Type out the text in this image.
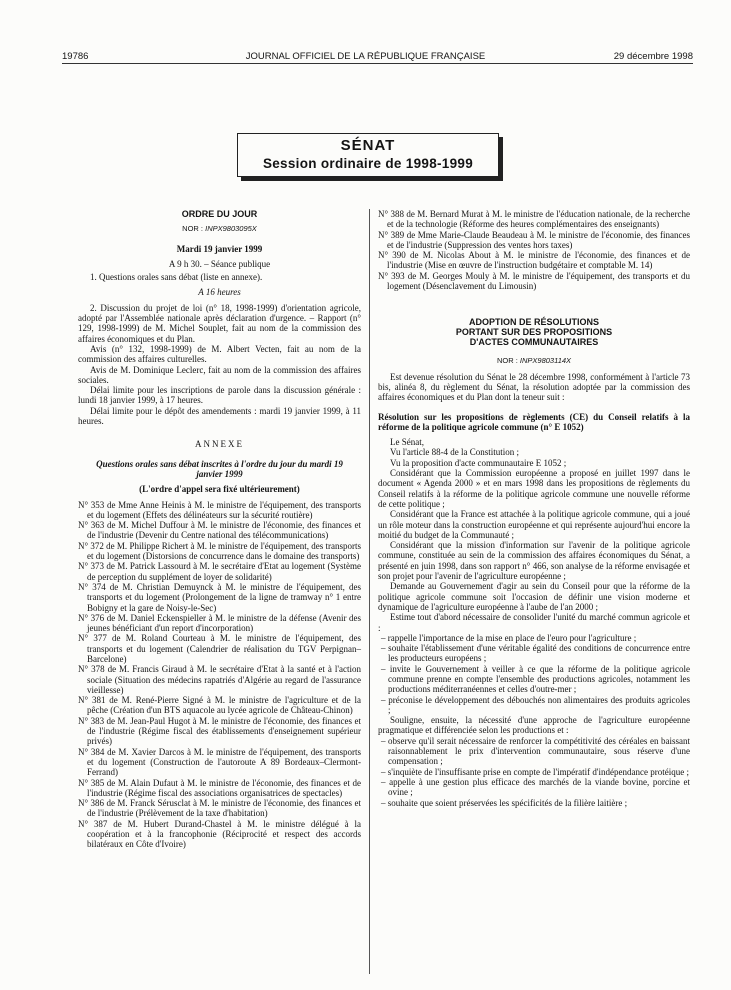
19786	JOURNAL OFFICIEL DE LA RÉPUBLIQUE FRANÇAISE	29 décembre 1998
SÉNAT
Session ordinaire de 1998-1999

ORDRE DU JOUR

NOR : INPX9803095X

Mardi 19 janvier 1999

A 9 h 30. – Séance publique

1. Questions orales sans débat (liste en annexe).

A 16 heures

2. Discussion du projet de loi (n° 18, 1998-1999) d'orientation agricole, adopté par l'Assemblée nationale après déclaration d'urgence. – Rapport (n° 129, 1998-1999) de M. Michel Souplet, fait au nom de la commission des affaires économiques et du Plan.

Avis (n° 132, 1998-1999) de M. Albert Vecten, fait au nom de la commission des affaires culturelles.

Avis de M. Dominique Leclerc, fait au nom de la commission des affaires sociales.

Délai limite pour les inscriptions de parole dans la discussion générale : lundi 18 janvier 1999, à 17 heures.

Délai limite pour le dépôt des amendements : mardi 19 janvier 1999, à 11 heures.

ANNEXE

Questions orales sans débat inscrites à l'ordre du jour du mardi 19 janvier 1999

(L'ordre d'appel sera fixé ultérieurement)

N° 353 de Mme Anne Heinis à M. le ministre de l'équipement, des transports et du logement (Effets des délinéateurs sur la sécurité routière)

N° 363 de M. Michel Duffour à M. le ministre de l'économie, des finances et de l'industrie (Devenir du Centre national des télécommunications)

N° 372 de M. Philippe Richert à M. le ministre de l'équipement, des transports et du logement (Distorsions de concurrence dans le domaine des transports)

N° 373 de M. Patrick Lassourd à M. le secrétaire d'Etat au logement (Système de perception du supplément de loyer de solidarité)

N° 374 de M. Christian Demuynck à M. le ministre de l'équipement, des transports et du logement (Prolongement de la ligne de tramway n° 1 entre Bobigny et la gare de Noisy-le-Sec)

N° 376 de M. Daniel Eckenspieller à M. le ministre de la défense (Avenir des jeunes bénéficiant d'un report d'incorporation)

N° 377 de M. Roland Courteau à M. le ministre de l'équipement, des transports et du logement (Calendrier de réalisation du TGV Perpignan–Barcelone)

N° 378 de M. Francis Giraud à M. le secrétaire d'Etat à la santé et à l'action sociale (Situation des médecins rapatriés d'Algérie au regard de l'assurance vieillesse)

N° 381 de M. René-Pierre Signé à M. le ministre de l'agriculture et de la pêche (Création d'un BTS aquacole au lycée agricole de Château-Chinon)

N° 383 de M. Jean-Paul Hugot à M. le ministre de l'économie, des finances et de l'industrie (Régime fiscal des établissements d'enseignement supérieur privés)

N° 384 de M. Xavier Darcos à M. le ministre de l'équipement, des transports et du logement (Construction de l'autoroute A 89 Bordeaux–Clermont-Ferrand)

N° 385 de M. Alain Dufaut à M. le ministre de l'économie, des finances et de l'industrie (Régime fiscal des associations organisatrices de spectacles)

N° 386 de M. Franck Sérusclat à M. le ministre de l'économie, des finances et de l'industrie (Prélèvement de la taxe d'habitation)

N° 387 de M. Hubert Durand-Chastel à M. le ministre délégué à la coopération et à la francophonie (Réciprocité et respect des accords bilatéraux en Côte d'Ivoire)

N° 388 de M. Bernard Murat à M. le ministre de l'éducation nationale, de la recherche et de la technologie (Réforme des heures complémentaires des enseignants)

N° 389 de Mme Marie-Claude Beaudeau à M. le ministre de l'économie, des finances et de l'industrie (Suppression des ventes hors taxes)

N° 390 de M. Nicolas About à M. le ministre de l'économie, des finances et de l'industrie (Mise en œuvre de l'instruction budgétaire et comptable M. 14)

N° 393 de M. Georges Mouly à M. le ministre de l'équipement, des transports et du logement (Désenclavement du Limousin)

ADOPTION DE RÉSOLUTIONS

PORTANT SUR DES PROPOSITIONS

D'ACTES COMMUNAUTAIRES

NOR : INPX9803114X

Est devenue résolution du Sénat le 28 décembre 1998, conformément à l'article 73 bis, alinéa 8, du règlement du Sénat, la résolution adoptée par la commission des affaires économiques et du Plan dont la teneur suit :

Résolution sur les propositions de règlements (CE) du Conseil relatifs à la réforme de la politique agricole commune (n° E 1052)

Le Sénat,

Vu l'article 88-4 de la Constitution ;

Vu la proposition d'acte communautaire E 1052 ;

Considérant que la Commission européenne a proposé en juillet 1997 dans le document « Agenda 2000 » et en mars 1998 dans les propositions de règlements du Conseil relatifs à la réforme de la politique agricole commune une nouvelle réforme de cette politique ;

Considérant que la France est attachée à la politique agricole commune, qui a joué un rôle moteur dans la construction européenne et qui représente aujourd'hui encore la moitié du budget de la Communauté ;

Considérant que la mission d'information sur l'avenir de la politique agricole commune, constituée au sein de la commission des affaires économiques du Sénat, a présenté en juin 1998, dans son rapport n° 466, son analyse de la réforme envisagée et son projet pour l'avenir de l'agriculture européenne ;

Demande au Gouvernement d'agir au sein du Conseil pour que la réforme de la politique agricole commune soit l'occasion de définir une vision moderne et dynamique de l'agriculture européenne à l'aube de l'an 2000 ;

Estime tout d'abord nécessaire de consolider l'unité du marché commun agricole et :

– rappelle l'importance de la mise en place de l'euro pour l'agriculture ;

– souhaite l'établissement d'une véritable égalité des conditions de concurrence entre les producteurs européens ;

– invite le Gouvernement à veiller à ce que la réforme de la politique agricole commune prenne en compte l'ensemble des productions agricoles, notamment les productions méditerranéennes et celles d'outre-mer ;

– préconise le développement des débouchés non alimentaires des produits agricoles ;

Souligne, ensuite, la nécessité d'une approche de l'agriculture européenne pragmatique et différenciée selon les productions et :

– observe qu'il serait nécessaire de renforcer la compétitivité des céréales en baissant raisonnablement le prix d'intervention communautaire, sous réserve d'une compensation ;

– s'inquiète de l'insuffisante prise en compte de l'impératif d'indépendance protéique ;

– appelle à une gestion plus efficace des marchés de la viande bovine, porcine et ovine ;

– souhaite que soient préservées les spécificités de la filière laitière ;
